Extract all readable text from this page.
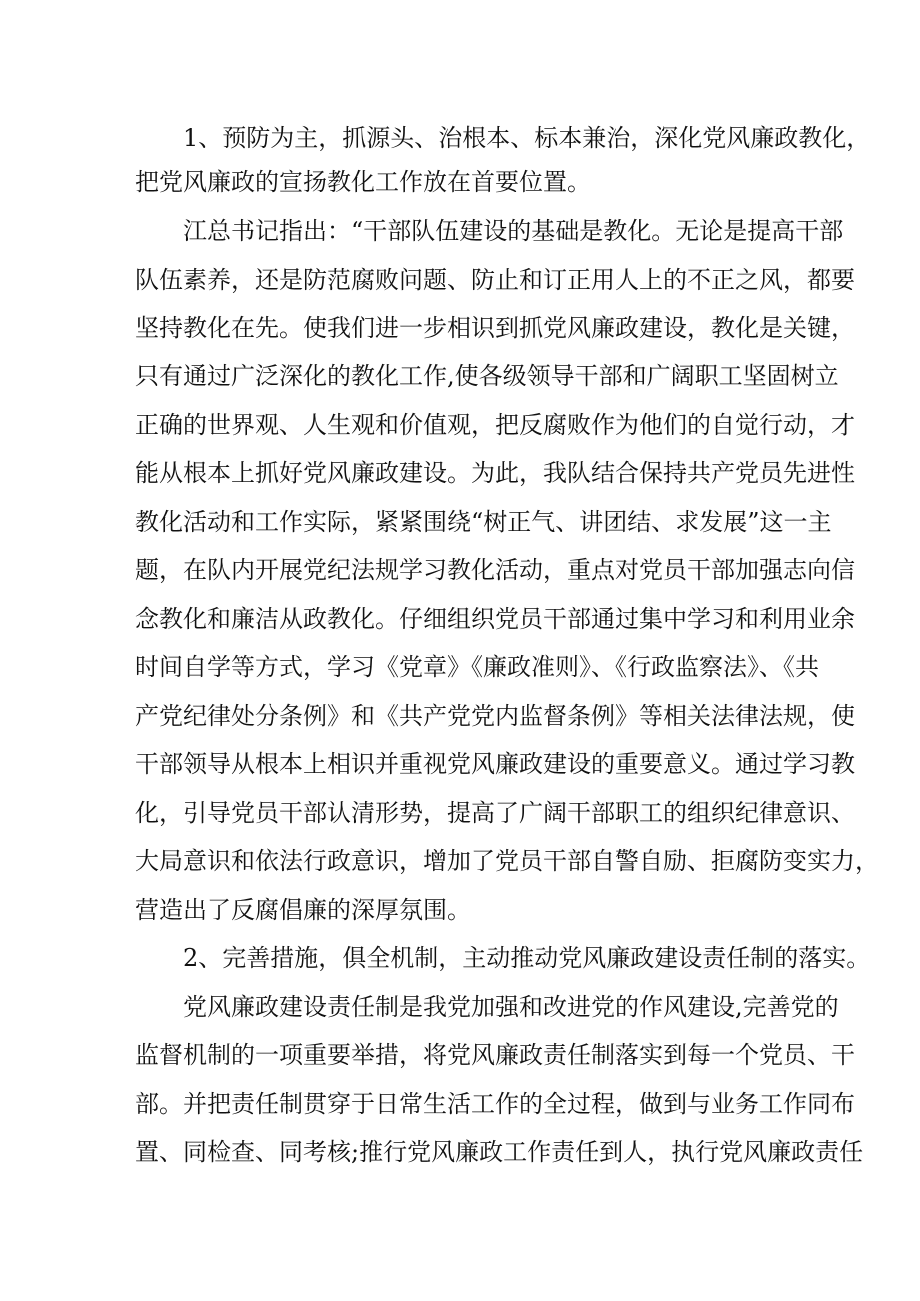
1、预防为主，抓源头、治根本、标本兼治，深化党风廉政教化，
把党风廉政的宣扬教化工作放在首要位置。
江总书记指出：“干部队伍建设的基础是教化。无论是提高干部
队伍素养，还是防范腐败问题、防止和订正用人上的不正之风，都要
坚持教化在先。使我们进一步相识到抓党风廉政建设，教化是关键，
只有通过广泛深化的教化工作,使各级领导干部和广阔职工坚固树立
正确的世界观、人生观和价值观，把反腐败作为他们的自觉行动，才
能从根本上抓好党风廉政建设。为此，我队结合保持共产党员先进性
教化活动和工作实际，紧紧围绕“树正气、讲团结、求发展”这一主
题，在队内开展党纪法规学习教化活动，重点对党员干部加强志向信
念教化和廉洁从政教化。仔细组织党员干部通过集中学习和利用业余
时间自学等方式，学习《党章》《廉政准则》、《行政监察法》、《共
产党纪律处分条例》和《共产党党内监督条例》等相关法律法规，使
干部领导从根本上相识并重视党风廉政建设的重要意义。通过学习教
化，引导党员干部认清形势，提高了广阔干部职工的组织纪律意识、
大局意识和依法行政意识，增加了党员干部自警自励、拒腐防变实力，
营造出了反腐倡廉的深厚氛围。
2、完善措施，俱全机制，主动推动党风廉政建设责任制的落实。
党风廉政建设责任制是我党加强和改进党的作风建设,完善党的
监督机制的一项重要举措，将党风廉政责任制落实到每一个党员、干
部。并把责任制贯穿于日常生活工作的全过程，做到与业务工作同布
置、同检查、同考核;推行党风廉政工作责任到人，执行党风廉政责任
